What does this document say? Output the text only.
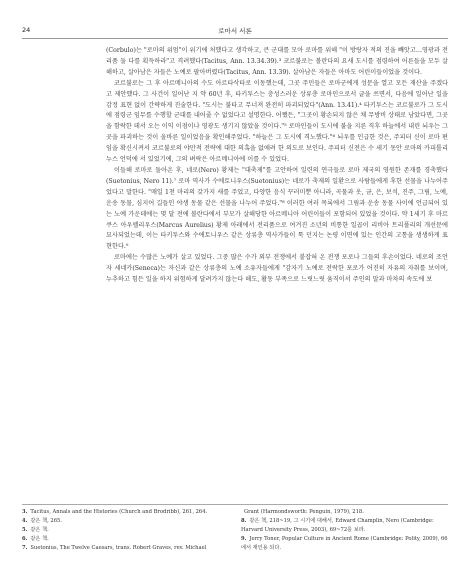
24	로마서 서론

(Corbulo)는 "로마의 위엄"이 위기에 처했다고 생각하고, 큰 군대를 모아 로마를 위해 "이 방랑자 적의 진을 빼앗고…영광과 전리품 둘 다를 획득하라"고 격려했다(Tacitus, Ann. 13.34.39).³ 코르불로는 볼란다의 요새 도시를 점령하여 어른들을 모두 살해하고, 살아남은 자들은 노예로 팔아버렸다(Tacitus, Ann. 13.39). 살아남은 자들은 아마도 어린이들이었을 것이다.

코르불로는 그 후 아르메니아의 수도 아르타삭타로 이동했는데, 그곳 주민들은 로마군에게 성문을 열고 모든 재산을 주겠다고 제안했다. 그 사건이 일어난 지 약 60년 후, 타키투스는 충성스러운 상류층 로마인으로서 글을 쓰면서, 다음에 일어난 일을 감정 표현 없이 간략하게 진술한다. "도시는 불타고 무너져 완전히 파괴되었다"(Ann. 13.41).⁴ 타키투스는 코르불로가 그 도시에 점령군 임무를 수행할 군대를 내어줄 수 없었다고 설명한다. 어쨌든, "그곳이 황손되지 않은 채 무방비 상태로 남았다면, 그곳을 함락한 데서 오는 이익 이점이나 영광도 생기지 않았을 것이다."⁵ 로마인들이 도시에 불을 지른 직후 하늘에서 내린 뇌우는 그곳을 파괴하는 것이 올바른 일이었음을 확인해주었다. "하늘은 그 도시에 격노했다."⁶ 뇌우를 인급한 것은, 주피터 신이 로마 편임을 확신시켜서 코르불로의 야만적 전략에 대한 의혹을 없애려 한 의도로 보인다. 주피터 신전은 수 세기 동안 로마의 카피톨리누스 언덕에 서 있었기에, 그의 벼락은 아르메니아에 이를 수 있었다.

이들해 로마로 돌아온 후, 네로(Nero) 황제는 "대축제"를 고안하여 일련의 연극들로 로마 제국의 영원한 존재를 경축했다(Suetonius, Nero 11).⁷ 로마 역사가 수에토니우스(Suetonius)는 네로가 축제의 일환으로 사람들에게 후한 선물을 나누어주었다고 말한다. "매일 1천 마리의 갖가지 새를 주었고, 다양한 음식 꾸러미뿐 아니라, 곡물과 옷, 금, 은, 보석, 진주, 그림, 노예, 운송 동물, 심지어 길들인 야생 동물 같은 선물을 나누어 주었다."⁸ 이러한 여러 목록에서 그림과 운송 동물 사이에 언급되어 있는 노예 가운데에는 몇 달 전에 볼란다에서 부모가 살해당한 아르메니아 어린이들이 포함되어 있었을 것이다. 약 1세기 후 마르쿠스 아우렐리우스(Marcus Aurelius) 황제 아래에서 전리품으로 여겨진 소년의 비통한 일곱이 리비아 트리폴리의 개선문에 묘사되었는데, 이는 타키투스와 수에토니우스 같은 상류층 역사가들이 툭 던지는 논평 이면에 있는 인간의 고통을 생생하게 표현한다.⁹

로마에는 수많은 노예가 살고 있었다. 그중 많은 수가 외부 전쟁에서 붙잡혀 온 전쟁 포로나 그들의 후손이었다. 네로의 조언자 세네카(Seneca)는 자신과 같은 상류층의 노예 소유자들에게 "감자기 노예로 전락한 포로가 어진히 자유의 자취를 보이며, 누추하고 힘든 일을 하지 위험하게 달려가지 않는다 해도, 활동 부족으로 느릿느릿 움직이서 주인의 말과 마차의 속도에 보

3. Tacitus, Annals and the Histories (Church and Brodribb), 261, 264.

4. 같은 책, 265.

5. 같은 책.

6. 같은 책.

7. Suetonius, The Twelve Caesars, trans. Robert Graves, rev. Michael

Grant (Harmondsworth: Penguin, 1979), 218.

8. 같은 책, 218~19, 그 시기에 대해서, Edward Champlin, Nero (Cambridge: Harvard University Press, 2003), 69~72를 보라.

9. Jerry Toner, Popular Culture in Ancient Rome (Cambridge: Polity, 2009), 66에서 재인용 되다.
